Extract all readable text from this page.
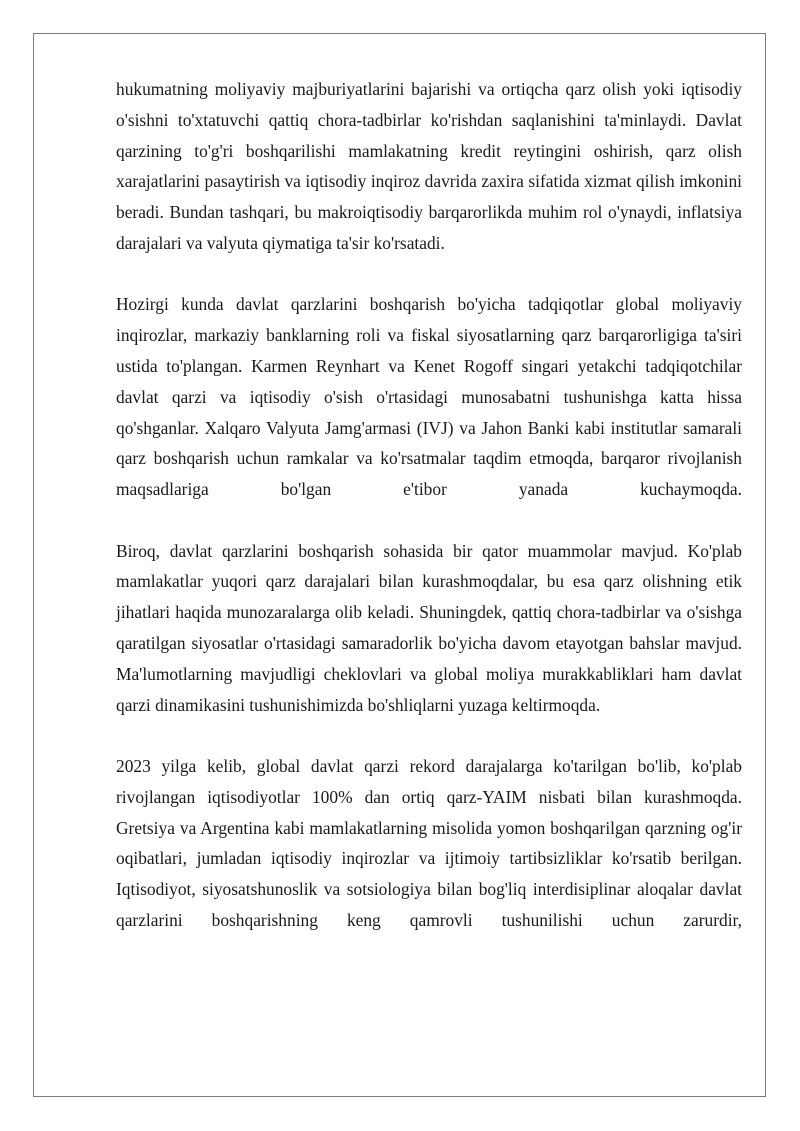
hukumatning moliyaviy majburiyatlarini bajarishi va ortiqcha qarz olish yoki iqtisodiy o'sishni to'xtatuvchi qattiq chora-tadbirlar ko'rishdan saqlanishini ta'minlaydi. Davlat qarzining to'g'ri boshqarilishi mamlakatning kredit reytingini oshirish, qarz olish xarajatlarini pasaytirish va iqtisodiy inqiroz davrida zaxira sifatida xizmat qilish imkonini beradi. Bundan tashqari, bu makroiqtisodiy barqarorlikda muhim rol o'ynaydi, inflatsiya darajalari va valyuta qiymatiga ta'sir ko'rsatadi.

Hozirgi kunda davlat qarzlarini boshqarish bo'yicha tadqiqotlar global moliyaviy inqirozlar, markaziy banklarning roli va fiskal siyosatlarning qarz barqarorligiga ta'siri ustida to'plangan. Karmen Reynhart va Kenet Rogoff singari yetakchi tadqiqotchilar davlat qarzi va iqtisodiy o'sish o'rtasidagi munosabatni tushunishga katta hissa qo'shganlar. Xalqaro Valyuta Jamg'armasi (IVJ) va Jahon Banki kabi institutlar samarali qarz boshqarish uchun ramkalar va ko'rsatmalar taqdim etmoqda, barqaror rivojlanish maqsadlariga bo'lgan e'tibor yanada kuchaymoqda.

Biroq, davlat qarzlarini boshqarish sohasida bir qator muammolar mavjud. Ko'plab mamlakatlar yuqori qarz darajalari bilan kurashmoqdalar, bu esa qarz olishning etik jihatlari haqida munozaralarga olib keladi. Shuningdek, qattiq chora-tadbirlar va o'sishga qaratilgan siyosatlar o'rtasidagi samaradorlik bo'yicha davom etayotgan bahslar mavjud. Ma'lumotlarning mavjudligi cheklovlari va global moliya murakkabliklari ham davlat qarzi dinamikasini tushunishimizda bo'shliqlarni yuzaga keltirmoqda.

2023 yilga kelib, global davlat qarzi rekord darajalarga ko'tarilgan bo'lib, ko'plab rivojlangan iqtisodiyotlar 100% dan ortiq qarz-YAIM nisbati bilan kurashmoqda. Gretsiya va Argentina kabi mamlakatlarning misolida yomon boshqarilgan qarzning og'ir oqibatlari, jumladan iqtisodiy inqirozlar va ijtimoiy tartibsizliklar ko'rsatib berilgan. Iqtisodiyot, siyosatshunoslik va sotsiologiya bilan bog'liq interdisiplinar aloqalar davlat qarzlarini boshqarishning keng qamrovli tushunilishi uchun zarurdir,
